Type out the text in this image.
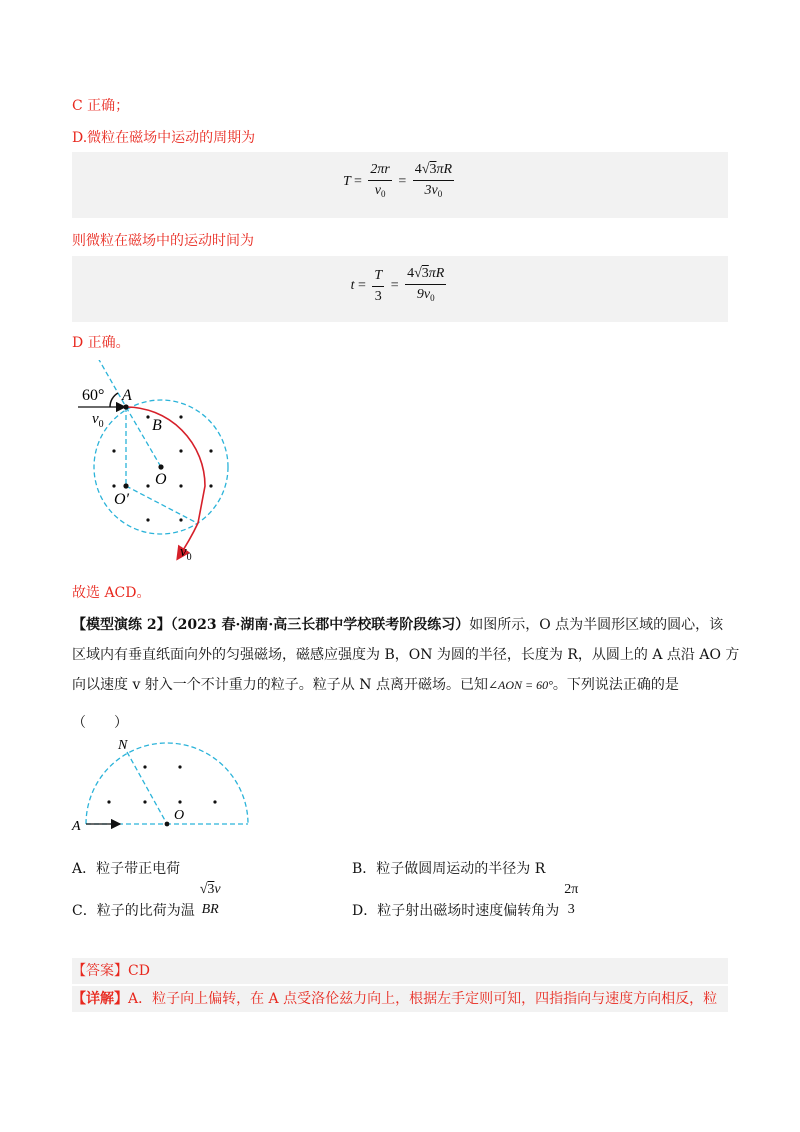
C 正确；
D.微粒在磁场中运动的周期为
$T = \frac{2\pi r}{v_0} = \frac{4√3\pi R}{3v_0}$
则微粒在磁场中的运动时间为
$t = \frac{T}{3} = \frac{4√3\pi R}{9v_0}$
D 正确。
60° A
B
O
O′
$v_0$
$v_0$
故选 ACD。
【模型演练 2】（2023 春·湖南·高三长郡中学校联考阶段练习）如图所示，O 点为半圆形区域的圆心，该
区域内有垂直纸面向外的匀强磁场，磁感应强度为 B，ON 为圆的半径，长度为 R，从圆上的 A 点沿 AO 方
向以速度 v 射入一个不计重力的粒子。粒子从 N 点离开磁场。已知∠AON = 60°。下列说法正确的是
（　　）
N
A
O
A．粒子带正电荷	B．粒子做圆周运动的半径为 R
C．粒子的比荷为温
√3v
BR	D．粒子射出磁场时速度偏转角为
2π
3
【答案】CD
【详解】A．粒子向上偏转，在 A 点受洛伦兹力向上，根据左手定则可知，四指指向与速度方向相反，粒
